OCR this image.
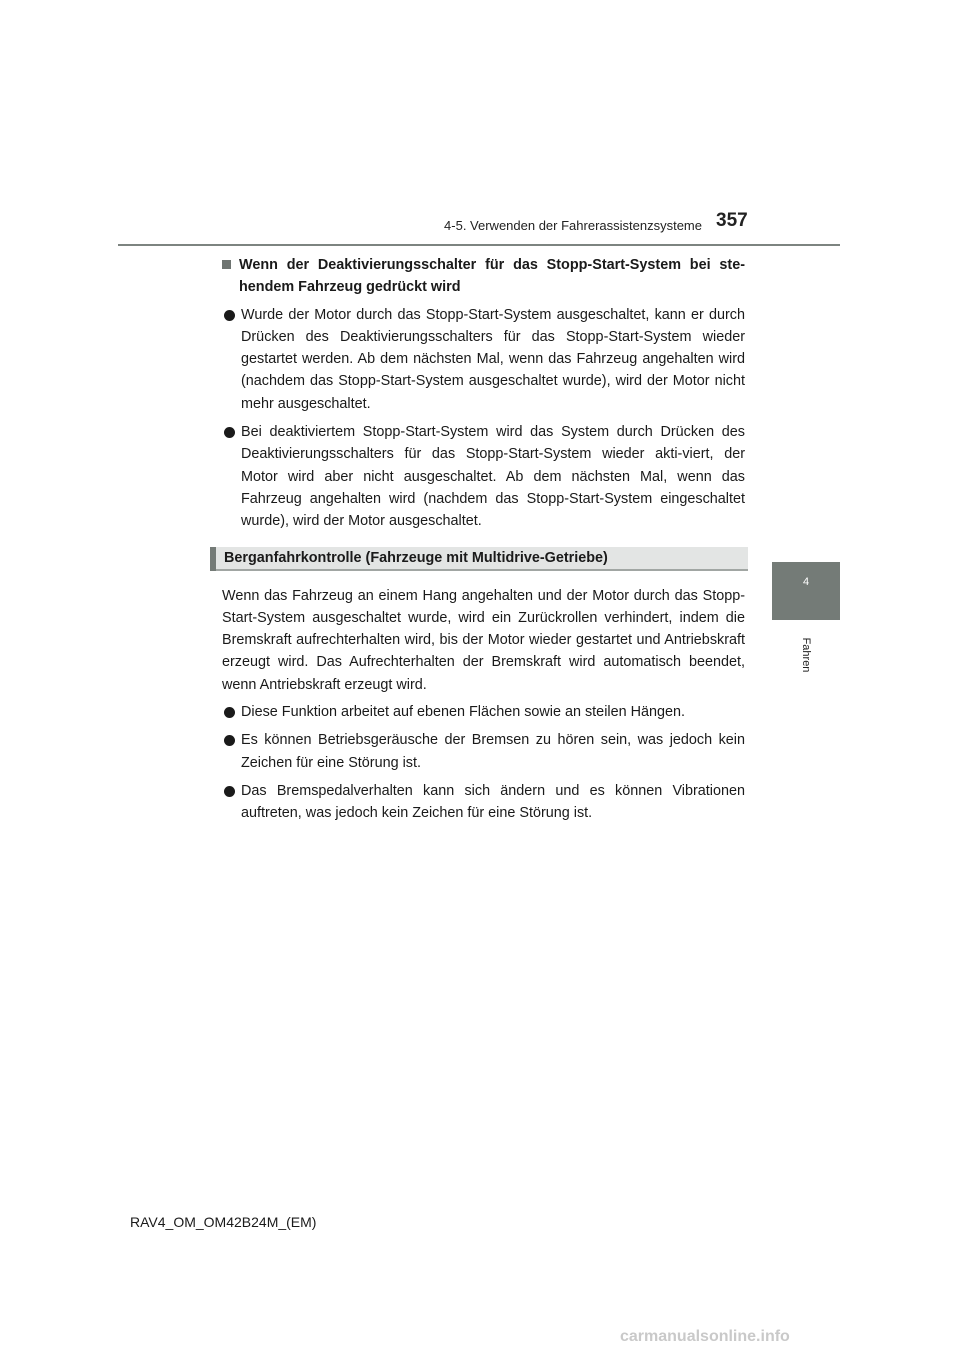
4-5. Verwenden der Fahrerassistenzsysteme 357
4
Fahren
Wenn der Deaktivierungsschalter für das Stopp-Start-System bei ste-hendem Fahrzeug gedrückt wird
Wurde der Motor durch das Stopp-Start-System ausgeschaltet, kann er durch Drücken des Deaktivierungsschalters für das Stopp-Start-System wieder gestartet werden. Ab dem nächsten Mal, wenn das Fahrzeug angehalten wird (nachdem das Stopp-Start-System ausgeschaltet wurde), wird der Motor nicht mehr ausgeschaltet.
Bei deaktiviertem Stopp-Start-System wird das System durch Drücken des Deaktivierungsschalters für das Stopp-Start-System wieder akti-viert, der Motor wird aber nicht ausgeschaltet. Ab dem nächsten Mal, wenn das Fahrzeug angehalten wird (nachdem das Stopp-Start-System eingeschaltet wurde), wird der Motor ausgeschaltet.
Berganfahrkontrolle (Fahrzeuge mit Multidrive-Getriebe)
Wenn das Fahrzeug an einem Hang angehalten und der Motor durch das Stopp-Start-System ausgeschaltet wurde, wird ein Zurückrollen verhindert, indem die Bremskraft aufrechterhalten wird, bis der Motor wieder gestartet und Antriebskraft erzeugt wird. Das Aufrechterhalten der Bremskraft wird automatisch beendet, wenn Antriebskraft erzeugt wird.
Diese Funktion arbeitet auf ebenen Flächen sowie an steilen Hängen.
Es können Betriebsgeräusche der Bremsen zu hören sein, was jedoch kein Zeichen für eine Störung ist.
Das Bremspedalverhalten kann sich ändern und es können Vibrationen auftreten, was jedoch kein Zeichen für eine Störung ist.
RAV4_OM_OM42B24M_(EM)
carmanualsonline.info
